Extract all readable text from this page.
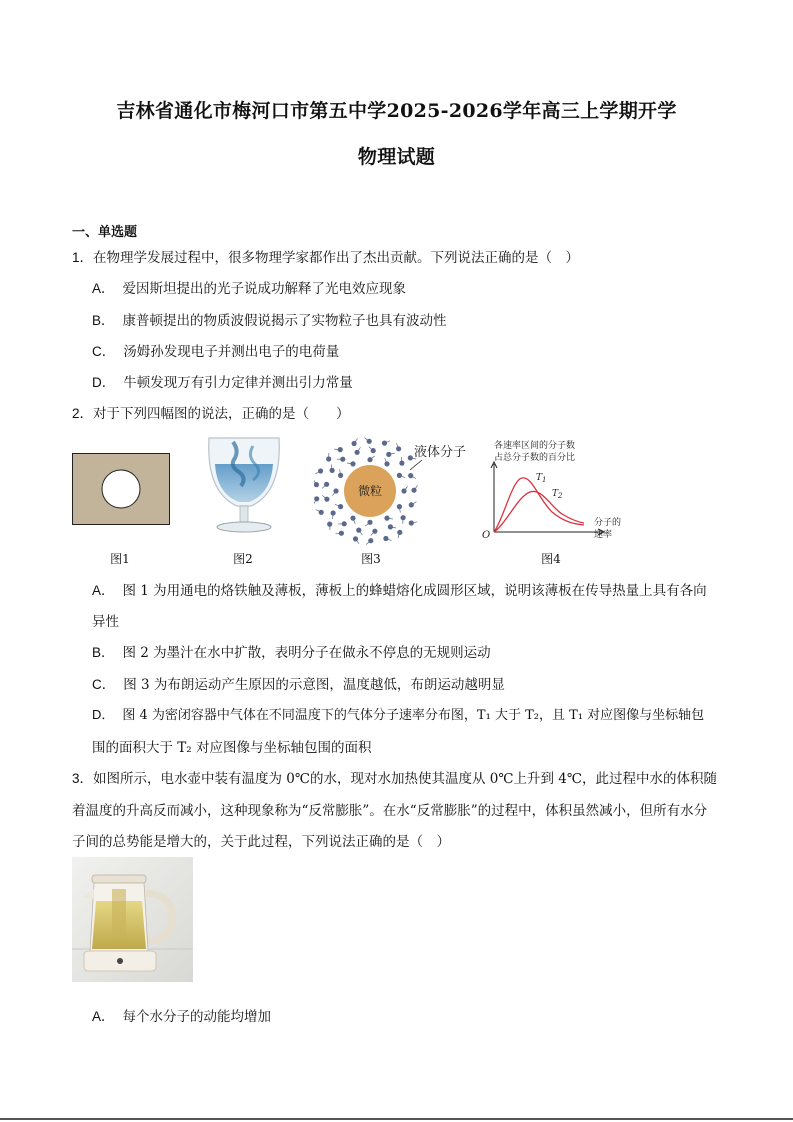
吉林省通化市梅河口市第五中学2025-2026学年高三上学期开学
物理试题
一、单选题
1．在物理学发展过程中，很多物理学家都作出了杰出贡献。下列说法正确的是（　）
A． 爱因斯坦提出的光子说成功解释了光电效应现象
B． 康普顿提出的物质波假说揭示了实物粒子也具有波动性
C． 汤姆孙发现电子并测出电子的电荷量
D． 牛顿发现万有引力定律并测出引力常量
2．对于下列四幅图的说法，正确的是（　　）
微粒
液体分子	各速率区间的分子数
占总分子数的百分比
O
分子的
速率
$T_1$
$T_2$
图1	图2	图3	图4
A． 图 1 为用通电的烙铁触及薄板，薄板上的蜂蜡熔化成圆形区域，说明该薄板在传导热量上具有各向
异性
B． 图 2 为墨汁在水中扩散，表明分子在做永不停息的无规则运动
C． 图 3 为布朗运动产生原因的示意图，温度越低，布朗运动越明显
D． 图 4 为密闭容器中气体在不同温度下的气体分子速率分布图，T₁ 大于 T₂，且 T₁ 对应图像与坐标轴包
围的面积大于 T₂ 对应图像与坐标轴包围的面积
3．如图所示，电水壶中装有温度为 0℃的水，现对水加热使其温度从 0℃上升到 4℃，此过程中水的体积随
着温度的升高反而减小，这种现象称为“反常膨胀”。在水“反常膨胀”的过程中，体积虽然减小，但所有水分
子间的总势能是增大的，关于此过程，下列说法正确的是（　）
A． 每个水分子的动能均增加
